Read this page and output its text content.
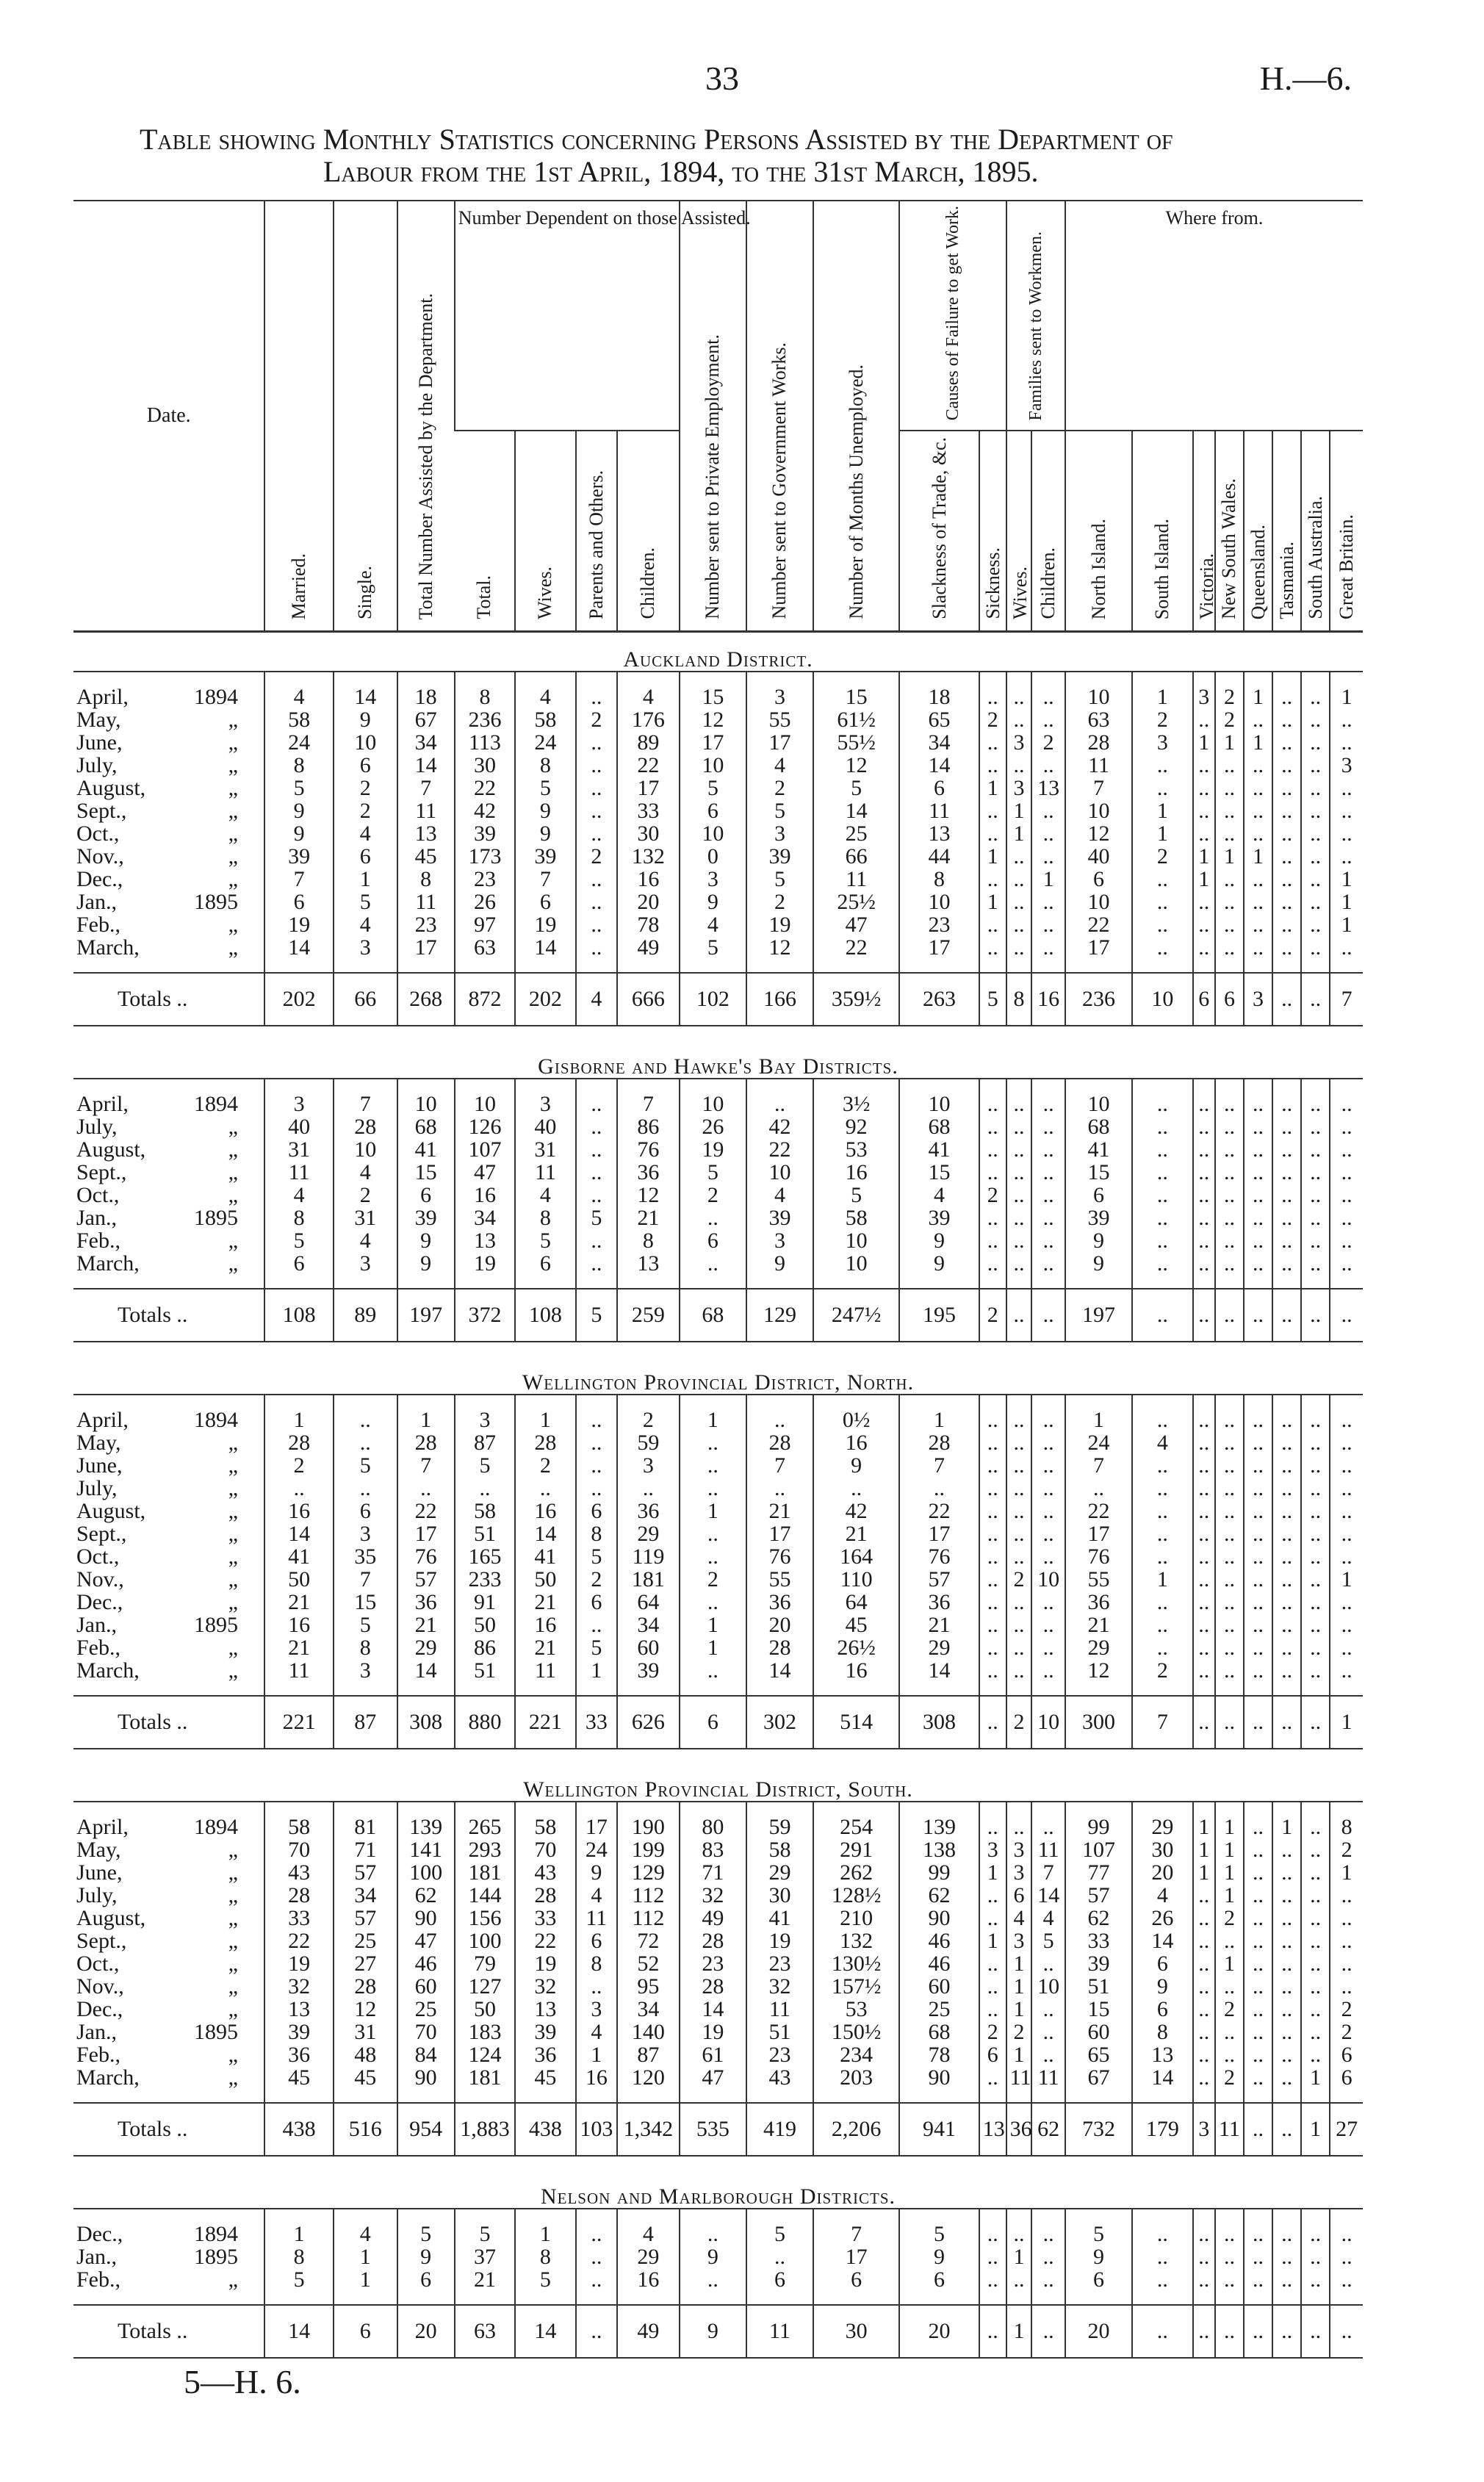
33	H.—6.
Table showing Monthly Statistics concerning Persons Assisted by the Department of
Labour from the 1st April, 1894, to the 31st March, 1895.
Date.	Married.	Single.	Total Number Assisted by the Department.	Number Dependent on those Assisted.				Number sent to Private Employment.	Number sent to Government Works.	Number of Months Unemployed.	Causes of Failure to get Work.		Families sent to Workmen.		Where from.							
				Total.	Wives.	Parents and Others.	Children.				Slackness of Trade, &c.	Sickness.	Wives.	Children.	North Island.	South Island.	Victoria.	New South Wales.	Queensland.	Tasmania.	South Australia.	Great Britain.
Auckland District.																						

April, 1894	4	14	18	8	4	..	4	15	3	15	18	..	..	..	10	1	3	2	1	..	..	1
May, „	58	9	67	236	58	2	176	12	55	61½	65	2	..	..	63	2	..	2	..	..	..	..
June, „	24	10	34	113	24	..	89	17	17	55½	34	..	3	2	28	3	1	1	1	..	..	..
July, „	8	6	14	30	8	..	22	10	4	12	14	..	..	..	11	..	..	..	..	..	..	3
August, „	5	2	7	22	5	..	17	5	2	5	6	1	3	13	7	..	..	..	..	..	..	..
Sept., „	9	2	11	42	9	..	33	6	5	14	11	..	1	..	10	1	..	..	..	..	..	..
Oct., „	9	4	13	39	9	..	30	10	3	25	13	..	1	..	12	1	..	..	..	..	..	..
Nov., „	39	6	45	173	39	2	132	0	39	66	44	1	..	..	40	2	1	1	1	..	..	..
Dec., „	7	1	8	23	7	..	16	3	5	11	8	..	..	1	6	..	1	..	..	..	..	1
Jan., 1895	6	5	11	26	6	..	20	9	2	25½	10	1	..	..	10	..	..	..	..	..	..	1
Feb., „	19	4	23	97	19	..	78	4	19	47	23	..	..	..	22	..	..	..	..	..	..	1
March, „	14	3	17	63	14	..	49	5	12	22	17	..	..	..	17	..	..	..	..	..	..	..

Totals ..	202	66	268	872	202	4	666	102	166	359½	263	5	8	16	236	10	6	6	3	..	..	7
Gisborne and Hawke's Bay Districts.																						

April, 1894	3	7	10	10	3	..	7	10	..	3½	10	..	..	..	10	..	..	..	..	..	..	..
July, „	40	28	68	126	40	..	86	26	42	92	68	..	..	..	68	..	..	..	..	..	..	..
August, „	31	10	41	107	31	..	76	19	22	53	41	..	..	..	41	..	..	..	..	..	..	..
Sept., „	11	4	15	47	11	..	36	5	10	16	15	..	..	..	15	..	..	..	..	..	..	..
Oct., „	4	2	6	16	4	..	12	2	4	5	4	2	..	..	6	..	..	..	..	..	..	..
Jan., 1895	8	31	39	34	8	5	21	..	39	58	39	..	..	..	39	..	..	..	..	..	..	..
Feb., „	5	4	9	13	5	..	8	6	3	10	9	..	..	..	9	..	..	..	..	..	..	..
March, „	6	3	9	19	6	..	13	..	9	10	9	..	..	..	9	..	..	..	..	..	..	..

Totals ..	108	89	197	372	108	5	259	68	129	247½	195	2	..	..	197	..	..	..	..	..	..	..
Wellington Provincial District, North.																						

April, 1894	1	..	1	3	1	..	2	1	..	0½	1	..	..	..	1	..	..	..	..	..	..	..
May, „	28	..	28	87	28	..	59	..	28	16	28	..	..	..	24	4	..	..	..	..	..	..
June, „	2	5	7	5	2	..	3	..	7	9	7	..	..	..	7	..	..	..	..	..	..	..
July, „	..	..	..	..	..	..	..	..	..	..	..	..	..	..	..	..	..	..	..	..	..	..
August, „	16	6	22	58	16	6	36	1	21	42	22	..	..	..	22	..	..	..	..	..	..	..
Sept., „	14	3	17	51	14	8	29	..	17	21	17	..	..	..	17	..	..	..	..	..	..	..
Oct., „	41	35	76	165	41	5	119	..	76	164	76	..	..	..	76	..	..	..	..	..	..	..
Nov., „	50	7	57	233	50	2	181	2	55	110	57	..	2	10	55	1	..	..	..	..	..	1
Dec., „	21	15	36	91	21	6	64	..	36	64	36	..	..	..	36	..	..	..	..	..	..	..
Jan., 1895	16	5	21	50	16	..	34	1	20	45	21	..	..	..	21	..	..	..	..	..	..	..
Feb., „	21	8	29	86	21	5	60	1	28	26½	29	..	..	..	29	..	..	..	..	..	..	..
March, „	11	3	14	51	11	1	39	..	14	16	14	..	..	..	12	2	..	..	..	..	..	..

Totals ..	221	87	308	880	221	33	626	6	302	514	308	..	2	10	300	7	..	..	..	..	..	1
Wellington Provincial District, South.																						

April, 1894	58	81	139	265	58	17	190	80	59	254	139	..	..	..	99	29	1	1	..	1	..	8
May, „	70	71	141	293	70	24	199	83	58	291	138	3	3	11	107	30	1	1	..	..	..	2
June, „	43	57	100	181	43	9	129	71	29	262	99	1	3	7	77	20	1	1	..	..	..	1
July, „	28	34	62	144	28	4	112	32	30	128½	62	..	6	14	57	4	..	1	..	..	..	..
August, „	33	57	90	156	33	11	112	49	41	210	90	..	4	4	62	26	..	2	..	..	..	..
Sept., „	22	25	47	100	22	6	72	28	19	132	46	1	3	5	33	14	..	..	..	..	..	..
Oct., „	19	27	46	79	19	8	52	23	23	130½	46	..	1	..	39	6	..	1	..	..	..	..
Nov., „	32	28	60	127	32	..	95	28	32	157½	60	..	1	10	51	9	..	..	..	..	..	..
Dec., „	13	12	25	50	13	3	34	14	11	53	25	..	1	..	15	6	..	2	..	..	..	2
Jan., 1895	39	31	70	183	39	4	140	19	51	150½	68	2	2	..	60	8	..	..	..	..	..	2
Feb., „	36	48	84	124	36	1	87	61	23	234	78	6	1	..	65	13	..	..	..	..	..	6
March, „	45	45	90	181	45	16	120	47	43	203	90	..	11	11	67	14	..	2	..	..	1	6

Totals ..	438	516	954	1,883	438	103	1,342	535	419	2,206	941	13	36	62	732	179	3	11	..	..	1	27
Nelson and Marlborough Districts.																						

Dec., 1894	1	4	5	5	1	..	4	..	5	7	5	..	..	..	5	..	..	..	..	..	..	..
Jan., 1895	8	1	9	37	8	..	29	9	..	17	9	..	1	..	9	..	..	..	..	..	..	..
Feb., „	5	1	6	21	5	..	16	..	6	6	6	..	..	..	6	..	..	..	..	..	..	..

Totals ..	14	6	20	63	14	..	49	9	11	30	20	..	1	..	20	..	..	..	..	..	..	..
5—H. 6.
